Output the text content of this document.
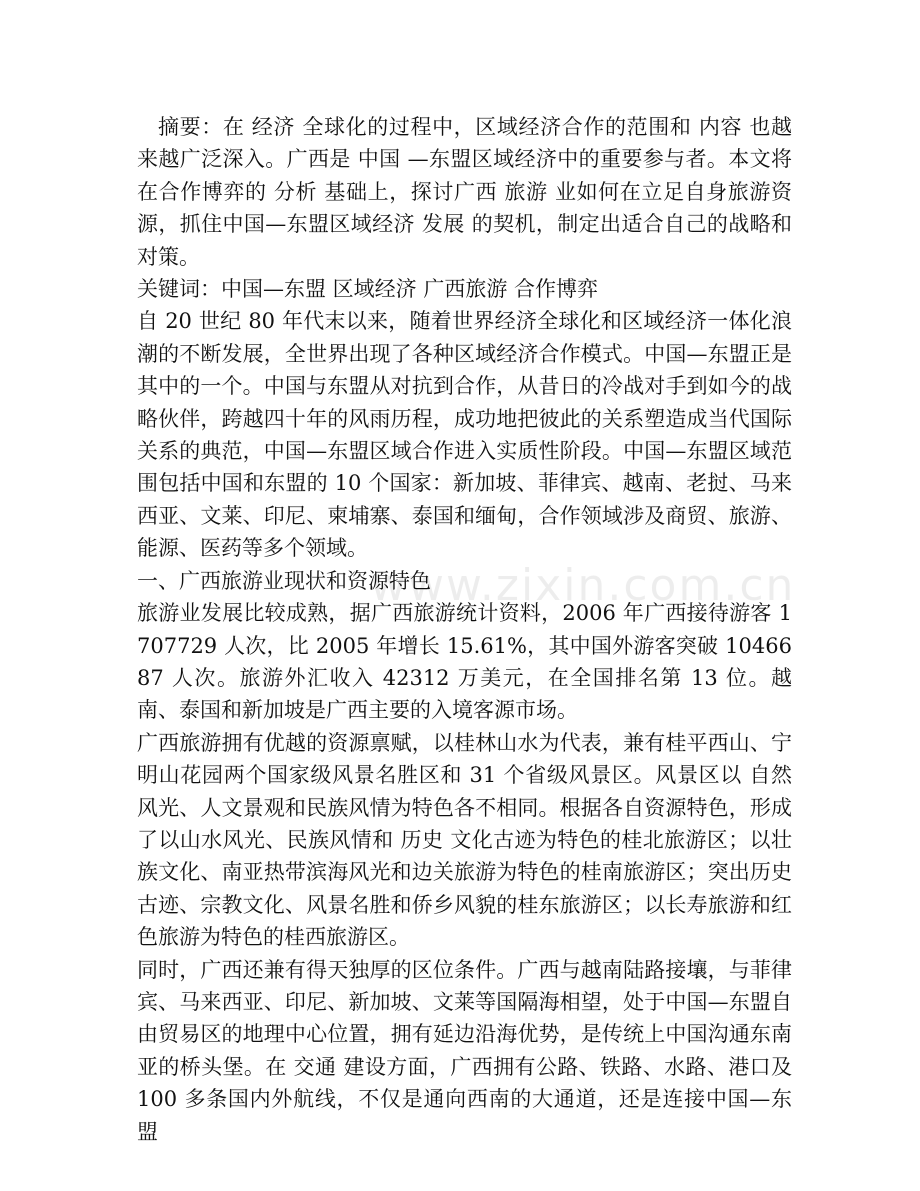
www.zixin.com.cn

摘要：在 经济 全球化的过程中，区域经济合作的范围和 内容 也越来越广泛深入。广西是 中国 —东盟区域经济中的重要参与者。本文将在合作博弈的 分析 基础上，探讨广西 旅游 业如何在立足自身旅游资源，抓住中国—东盟区域经济 发展 的契机，制定出适合自己的战略和对策。

关键词：中国—东盟 区域经济 广西旅游 合作博弈

自 20 世纪 80 年代末以来，随着世界经济全球化和区域经济一体化浪潮的不断发展，全世界出现了各种区域经济合作模式。中国—东盟正是其中的一个。中国与东盟从对抗到合作，从昔日的冷战对手到如今的战略伙伴，跨越四十年的风雨历程，成功地把彼此的关系塑造成当代国际关系的典范，中国—东盟区域合作进入实质性阶段。中国—东盟区域范围包括中国和东盟的 10 个国家：新加坡、菲律宾、越南、老挝、马来西亚、文莱、印尼、柬埔寨、泰国和缅甸，合作领域涉及商贸、旅游、能源、医药等多个领域。

一、广西旅游业现状和资源特色

旅游业发展比较成熟，据广西旅游统计资料，2006 年广西接待游客 1707729 人次，比 2005 年增长 15.61%，其中国外游客突破 1046687 人次。旅游外汇收入 42312 万美元，在全国排名第 13 位。越南、泰国和新加坡是广西主要的入境客源市场。

广西旅游拥有优越的资源禀赋，以桂林山水为代表，兼有桂平西山、宁明山花园两个国家级风景名胜区和 31 个省级风景区。风景区以 自然 风光、人文景观和民族风情为特色各不相同。根据各自资源特色，形成了以山水风光、民族风情和 历史 文化古迹为特色的桂北旅游区；以壮族文化、南亚热带滨海风光和边关旅游为特色的桂南旅游区；突出历史古迹、宗教文化、风景名胜和侨乡风貌的桂东旅游区；以长寿旅游和红色旅游为特色的桂西旅游区。

同时，广西还兼有得天独厚的区位条件。广西与越南陆路接壤，与菲律宾、马来西亚、印尼、新加坡、文莱等国隔海相望，处于中国—东盟自由贸易区的地理中心位置，拥有延边沿海优势，是传统上中国沟通东南亚的桥头堡。在 交通 建设方面，广西拥有公路、铁路、水路、港口及 100 多条国内外航线，不仅是通向西南的大通道，还是连接中国—东盟
